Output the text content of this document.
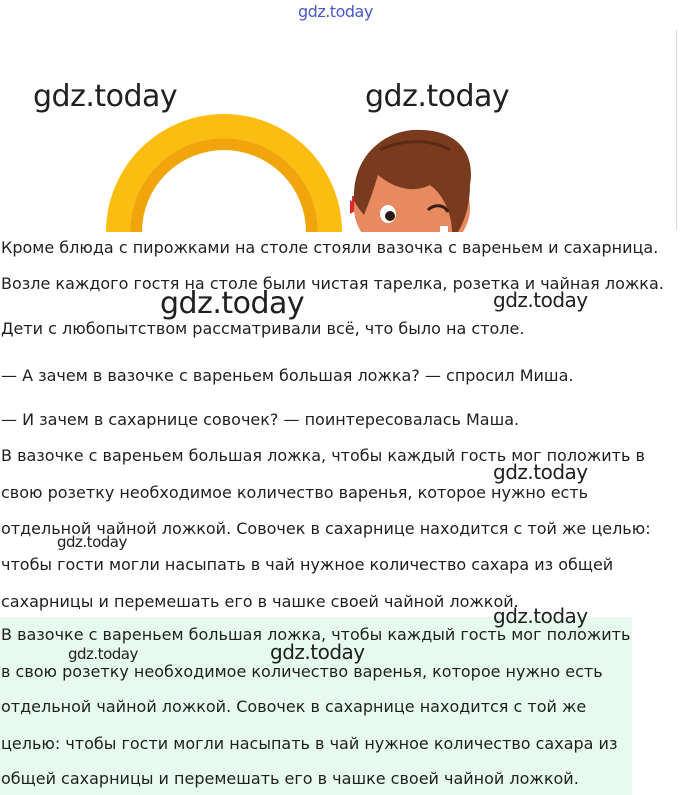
gdz.today
gdz.today	gdz.today
Кроме блюда с пирожками на столе стояли вазочка с вареньем и сахарница.
Возле каждого гостя на столе были чистая тарелка, розетка и чайная ложка.
Дети с любопытством рассматривали всё, что было на столе.
— А зачем в вазочке с вареньем большая ложка? — спросил Миша.
— И зачем в сахарнице совочек? — поинтересовалась Маша.
В вазочке с вареньем большая ложка, чтобы каждый гость мог положить в
свою розетку необходимое количество варенья, которое нужно есть
отдельной чайной ложкой. Совочек в сахарнице находится с той же целью:
чтобы гости могли насыпать в чай нужное количество сахара из общей
сахарницы и перемешать его в чашке своей чайной ложкой.
В вазочке с вареньем большая ложка, чтобы каждый гость мог положить
в свою розетку необходимое количество варенья, которое нужно есть
отдельной чайной ложкой. Совочек в сахарнице находится с той же
целью: чтобы гости могли насыпать в чай нужное количество сахара из
общей сахарницы и перемешать его в чашке своей чайной ложкой.
gdz.today	gdz.today
gdz.today
gdz.today
gdz.today
gdz.today	gdz.today
